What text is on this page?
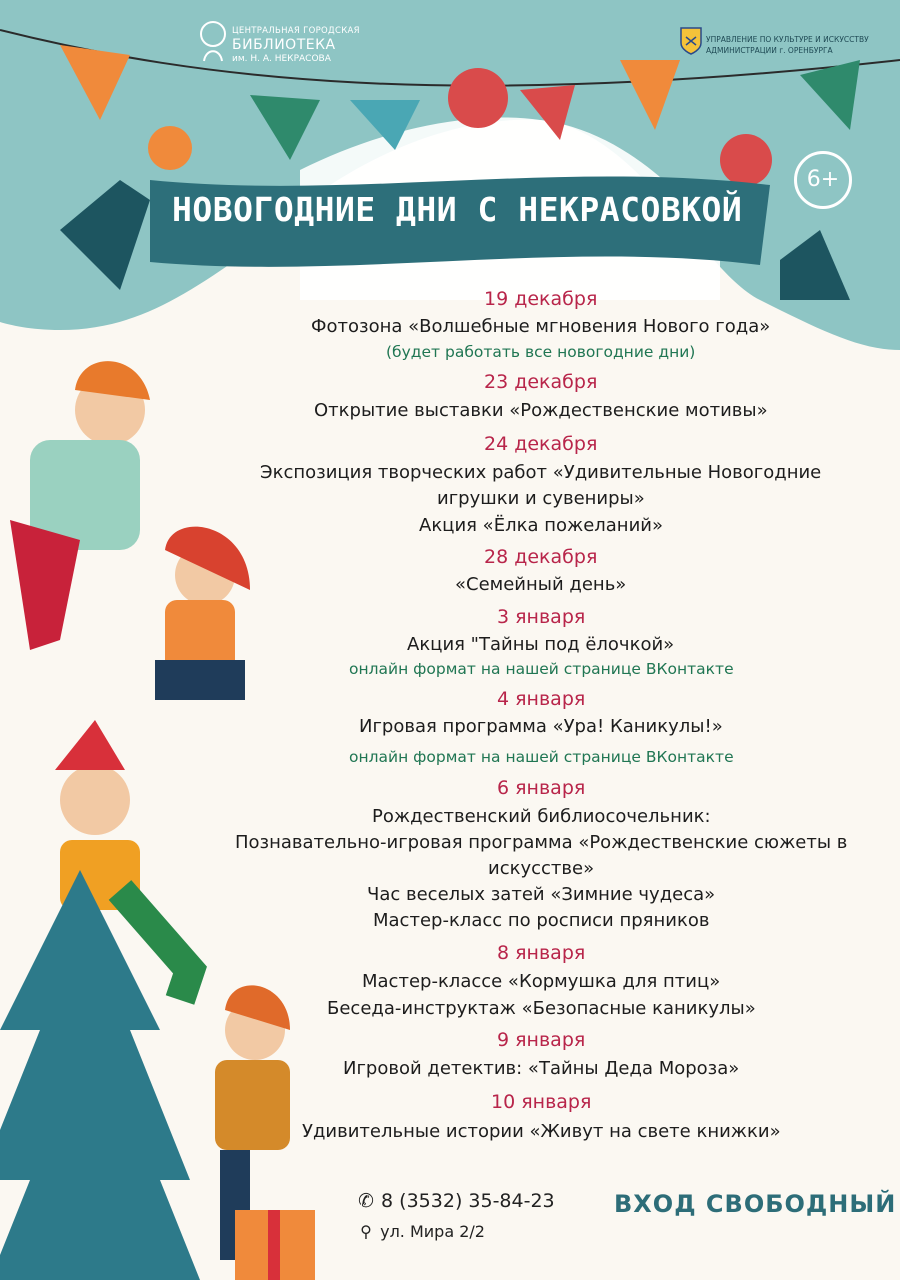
ЦЕНТРАЛЬНАЯ ГОРОДСКАЯ
БИБЛИОТЕКА
им. Н. А. НЕКРАСОВА
УПРАВЛЕНИЕ ПО КУЛЬТУРЕ И ИСКУССТВУ
АДМИНИСТРАЦИИ г. ОРЕНБУРГА
6+
НОВОГОДНИЕ ДНИ С НЕКРАСОВКОЙ
19 декабря
Фотозона «Волшебные мгновения Нового года»
(будет работать все новогодние дни)
23 декабря
Открытие выставки «Рождественские мотивы»
24 декабря
Экспозиция творческих работ «Удивительные Новогодние
игрушки и сувениры»
Акция «Ёлка пожеланий»
28 декабря
«Семейный день»
3 января
Акция "Тайны под ёлочкой»
онлайн формат на нашей странице ВКонтакте
4 января
Игровая программа «Ура! Каникулы!»
онлайн формат на нашей странице ВКонтакте
6 января
Рождественский библиосочельник:
Познавательно-игровая программа «Рождественские сюжеты в
искусстве»
Час веселых затей «Зимние чудеса»
Мастер-класс по росписи пряников
8 января
Мастер-классе «Кормушка для птиц»
Беседа-инструктаж «Безопасные каникулы»
9 января
Игровой детектив: «Тайны Деда Мороза»
10 января
Удивительные истории «Живут на свете книжки»
✆ 8 (3532) 35-84-23
⚲ ул. Мира 2/2
ВХОД СВОБОДНЫЙ
